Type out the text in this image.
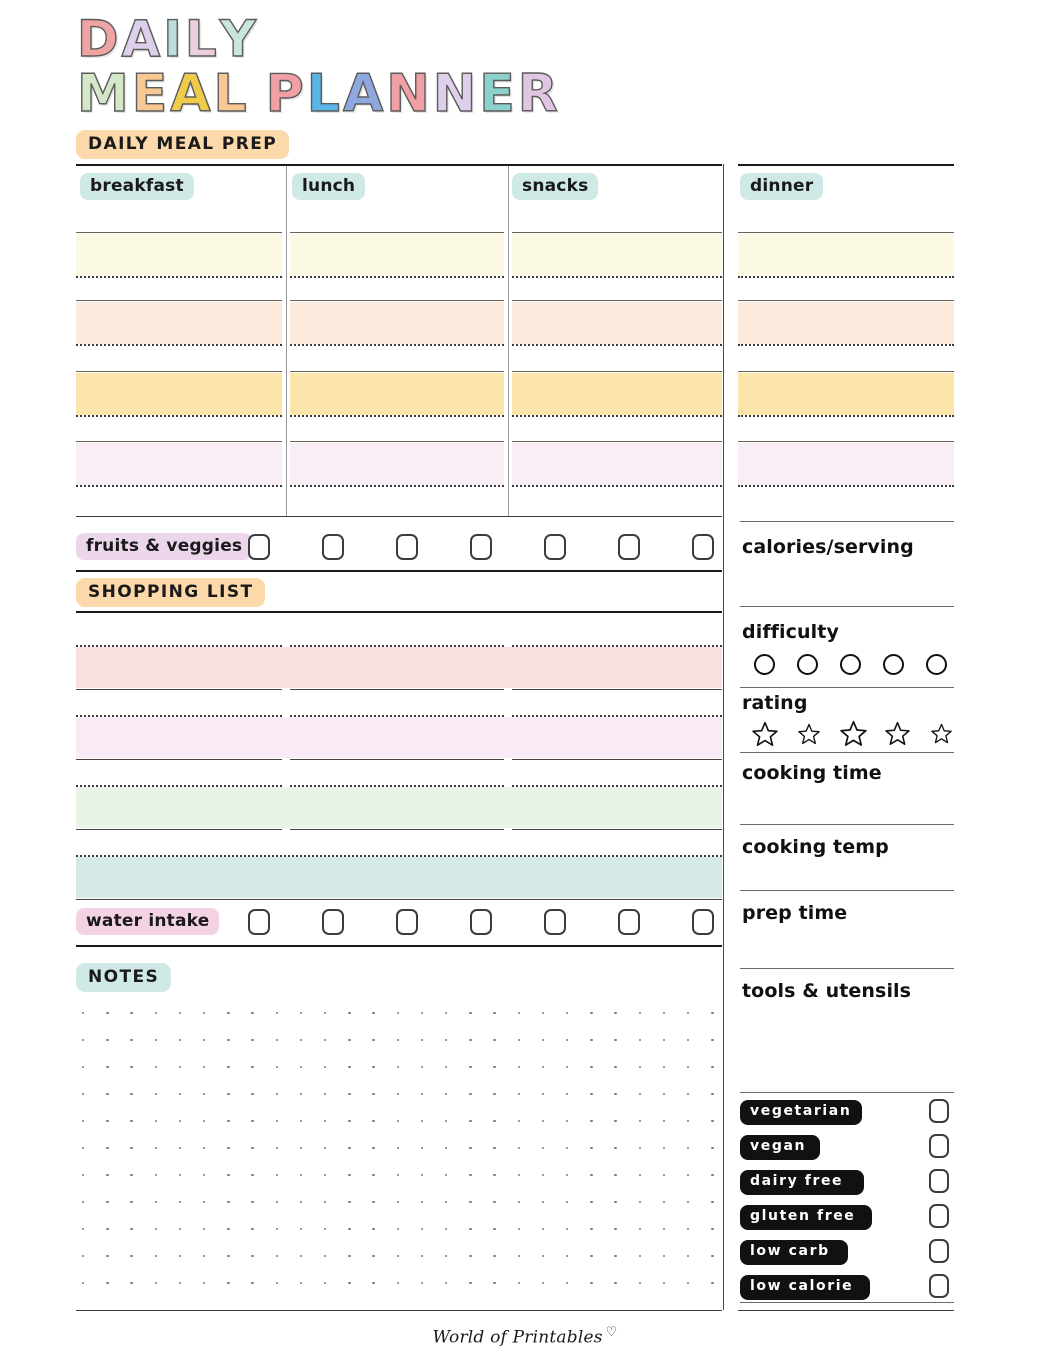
D A I L Y
M E A L P L A N N E R
DAILY MEAL PREP
breakfast	lunch	snacks	dinner
fruits & veggies
SHOPPING LIST
water intake
NOTES
calories/serving
difficulty
rating
cooking time
cooking temp
prep time
tools & utensils
vegetarian
vegan
dairy free
gluten free
low carb
low calorie
World of Printables ♡
